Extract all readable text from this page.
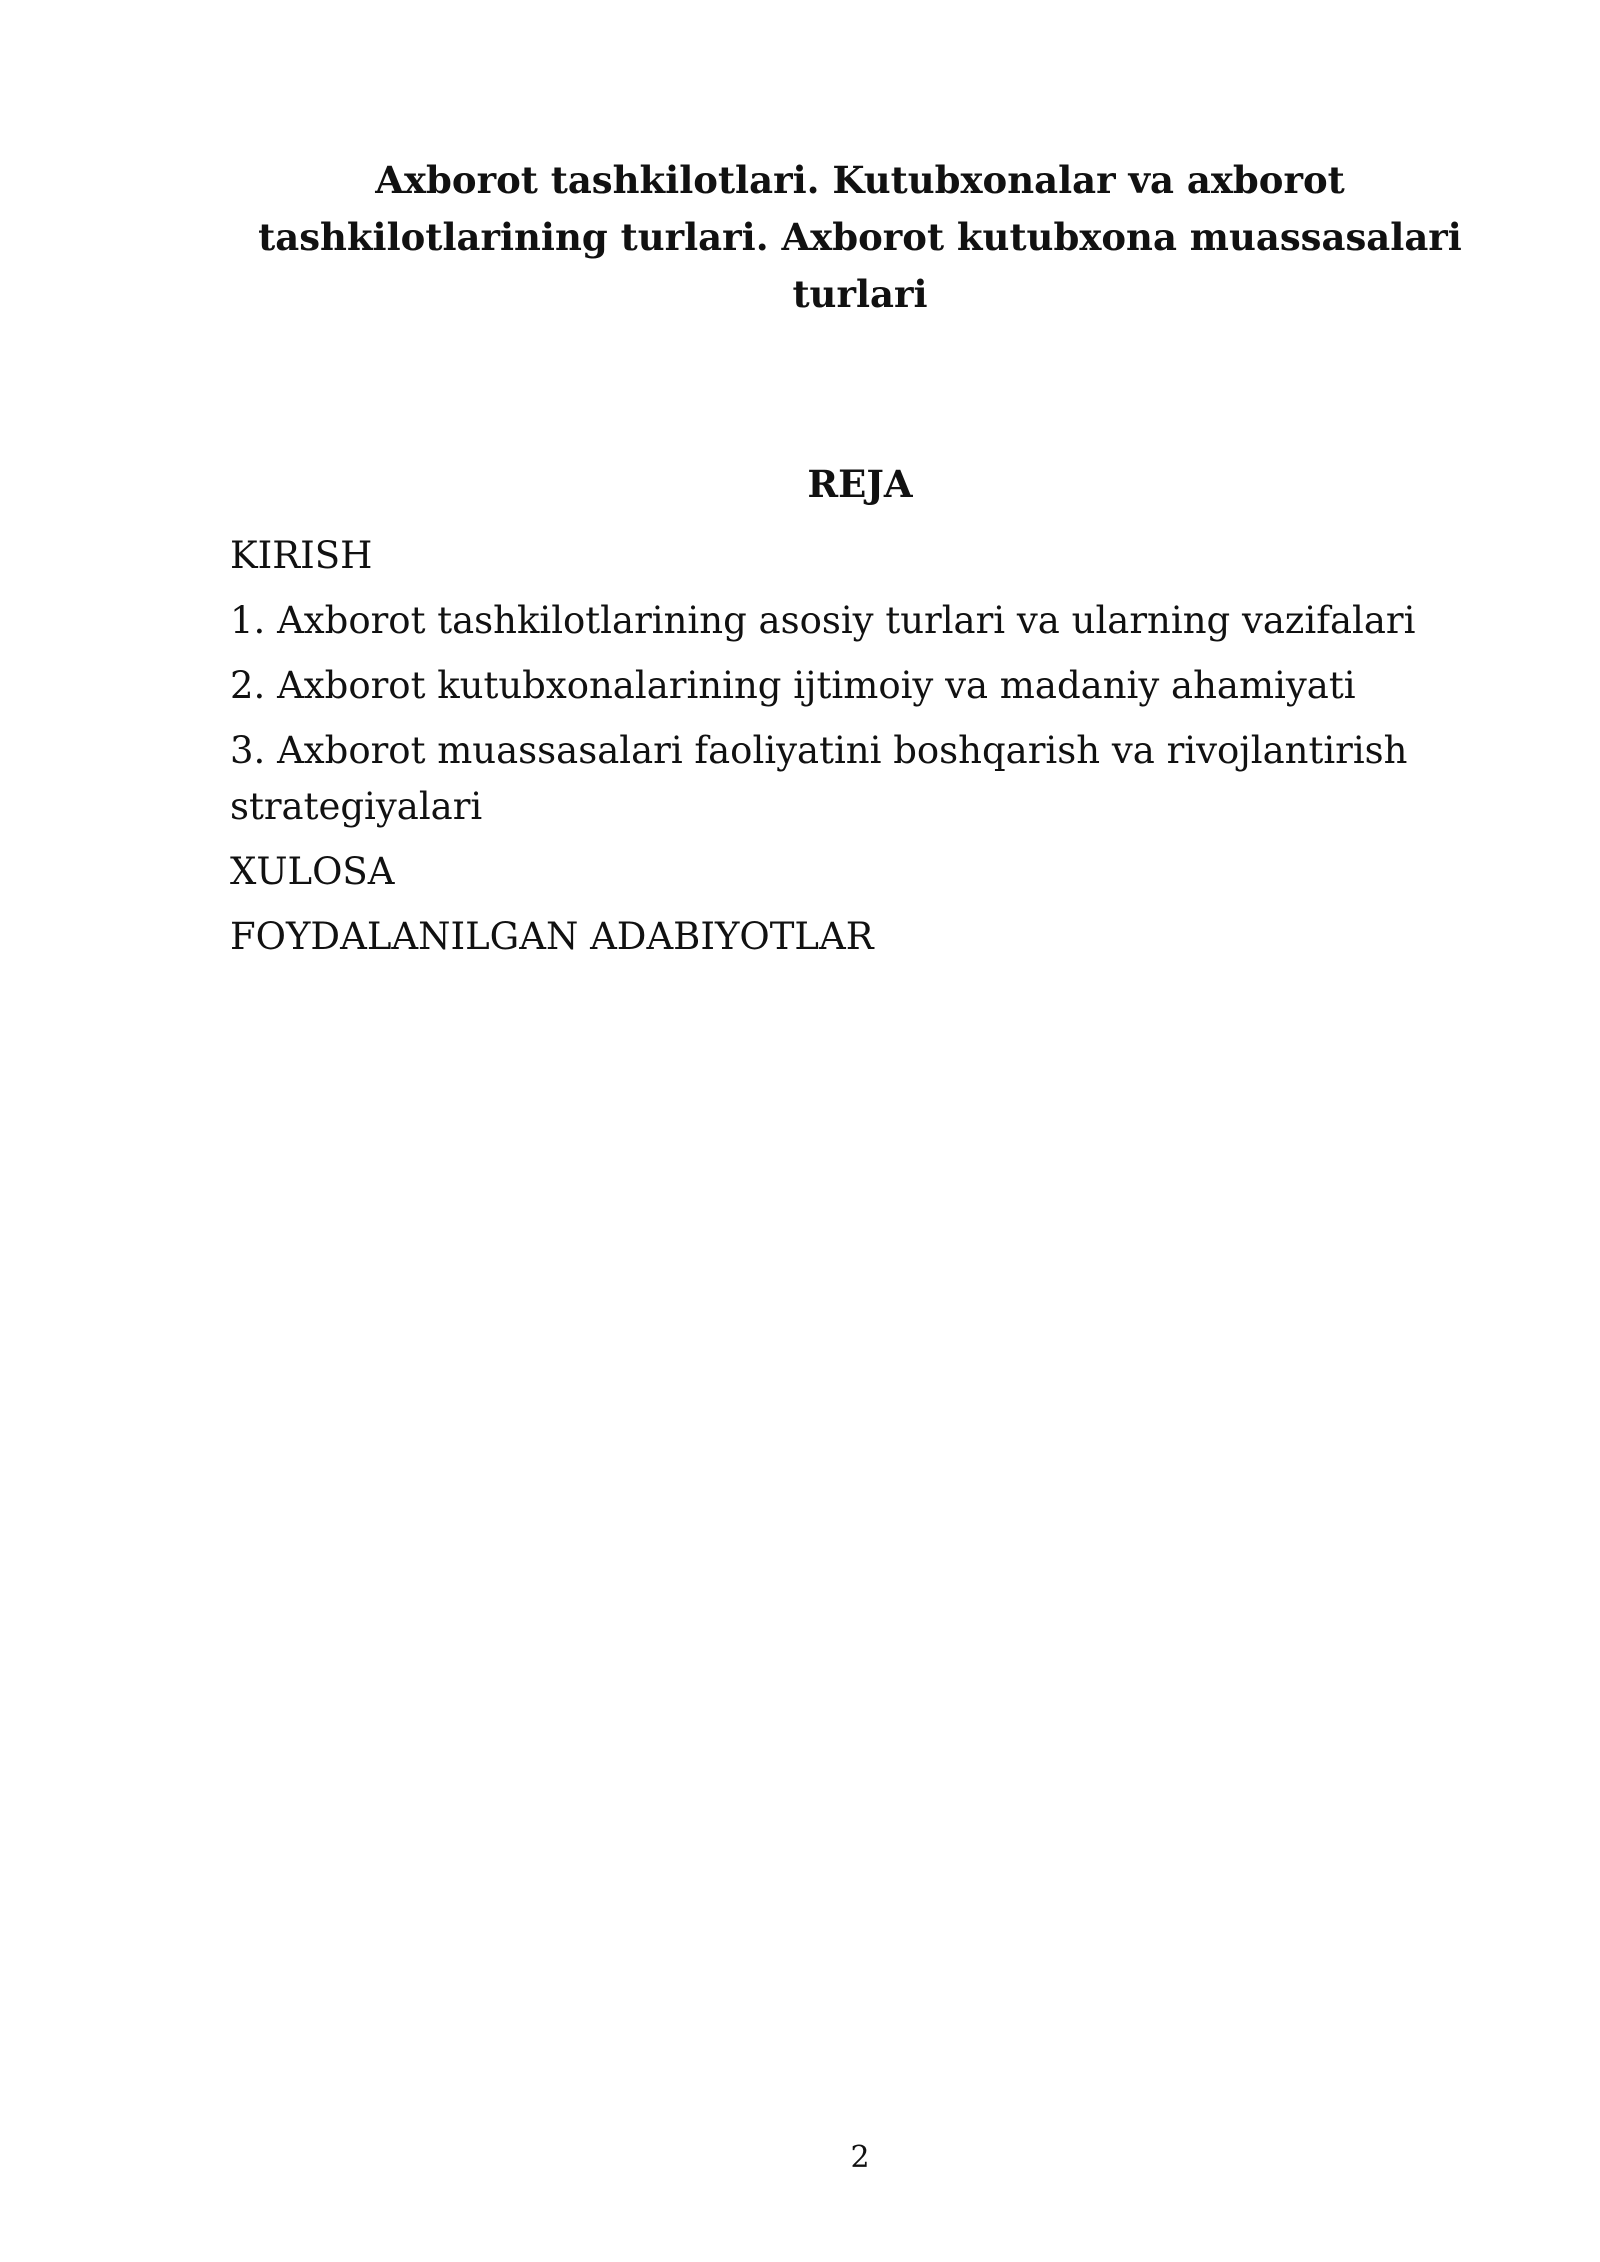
Axborot tashkilotlari. Kutubxonalar va axborot tashkilotlarining turlari. Axborot kutubxona muassasalari turlari
REJA
KIRISH
1. Axborot tashkilotlarining asosiy turlari va ularning vazifalari
2. Axborot kutubxonalarining ijtimoiy va madaniy ahamiyati
3. Axborot muassasalari faoliyatini boshqarish va rivojlantirish strategiyalari
XULOSA
FOYDALANILGAN ADABIYOTLAR
2
